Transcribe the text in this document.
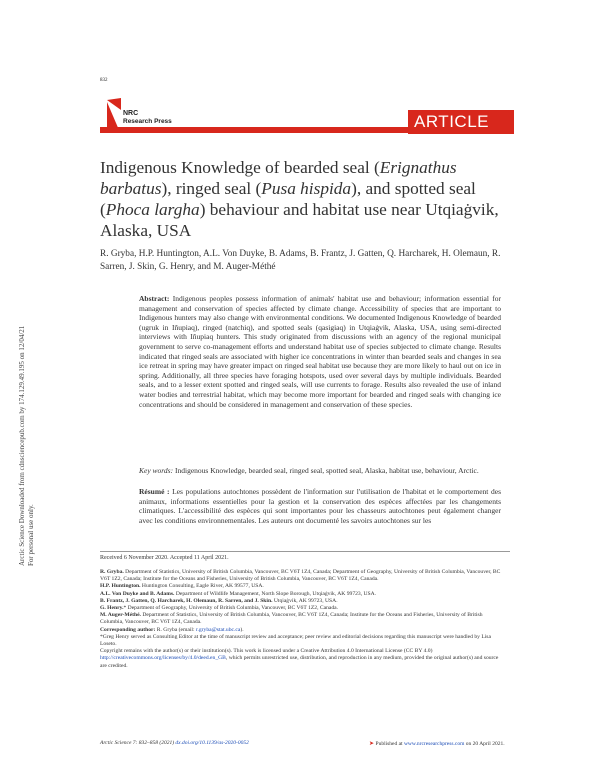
832
NRC
Research Press	ARTICLE
Indigenous Knowledge of bearded seal (Erignathus barbatus), ringed seal (Pusa hispida), and spotted seal (Phoca largha) behaviour and habitat use near Utqiaġvik, Alaska, USA
R. Gryba, H.P. Huntington, A.L. Von Duyke, B. Adams, B. Frantz, J. Gatten, Q. Harcharek, H. Olemaun, R. Sarren, J. Skin, G. Henry, and M. Auger-Méthé
Abstract: Indigenous peoples possess information of animals' habitat use and behaviour; information essential for management and conservation of species affected by climate change. Accessibility of species that are important to Indigenous hunters may also change with environmental conditions. We documented Indigenous Knowledge of bearded (ugruk in Iñupiaq), ringed (natchiq), and spotted seals (qasigiaq) in Utqiaġvik, Alaska, USA, using semi-directed interviews with Iñupiaq hunters. This study originated from discussions with an agency of the regional municipal government to serve co-management efforts and understand habitat use of species subjected to climate change. Results indicated that ringed seals are associated with higher ice concentrations in winter than bearded seals and changes in sea ice retreat in spring may have greater impact on ringed seal habitat use because they are more likely to haul out on ice in spring. Additionally, all three species have foraging hotspots, used over several days by multiple individuals. Bearded seals, and to a lesser extent spotted and ringed seals, will use currents to forage. Results also revealed the use of inland water bodies and terrestrial habitat, which may become more important for bearded and ringed seals with changing ice concentrations and should be considered in management and conservation of these species.
Key words: Indigenous Knowledge, bearded seal, ringed seal, spotted seal, Alaska, habitat use, behaviour, Arctic.
Résumé : Les populations autochtones possèdent de l'information sur l'utilisation de l'habitat et le comportement des animaux, informations essentielles pour la gestion et la conservation des espèces affectées par les changements climatiques. L'accessibilité des espèces qui sont importantes pour les chasseurs autochtones peut également changer avec les conditions environnementales. Les auteurs ont documenté les savoirs autochtones sur les
Received 6 November 2020. Accepted 11 April 2021.

R. Gryba. Department of Statistics, University of British Columbia, Vancouver, BC V6T 1Z4, Canada; Department of Geography, University of British Columbia, Vancouver, BC V6T 1Z2, Canada; Institute for the Oceans and Fisheries, University of British Columbia, Vancouver, BC V6T 1Z4, Canada.

H.P. Huntington. Huntington Consulting, Eagle River, AK 99577, USA.

A.L. Von Duyke and B. Adams. Department of Wildlife Management, North Slope Borough, Utqiaġvik, AK 99723, USA.

B. Frantz, J. Gatten, Q. Harcharek, H. Olemaun, R. Sarren, and J. Skin. Utqiaġvik, AK 99723, USA.

G. Henry.* Department of Geography, University of British Columbia, Vancouver, BC V6T 1Z2, Canada.

M. Auger-Méthé. Department of Statistics, University of British Columbia, Vancouver, BC V6T 1Z4, Canada; Institute for the Oceans and Fisheries, University of British Columbia, Vancouver, BC V6T 1Z4, Canada.

Corresponding author: R. Gryba (email: r.gryba@stat.ubc.ca).

*Greg Henry served as Consulting Editor at the time of manuscript review and acceptance; peer review and editorial decisions regarding this manuscript were handled by Lisa Loseto.

Copyright remains with the author(s) or their institution(s). This work is licensed under a Creative Attribution 4.0 International License (CC BY 4.0) http://creativecommons.org/licenses/by/4.0/deed.en_GB, which permits unrestricted use, distribution, and reproduction in any medium, provided the original author(s) and source are credited.

Arctic Science 7: 832–858 (2021) dx.doi.org/10.1139/as-2020-0052	➤ Published at www.nrcresearchpress.com on 20 April 2021.
Arctic Science Downloaded from cdnsciencepub.com by 174.129.49.195 on 12/04/21 For personal use only.
